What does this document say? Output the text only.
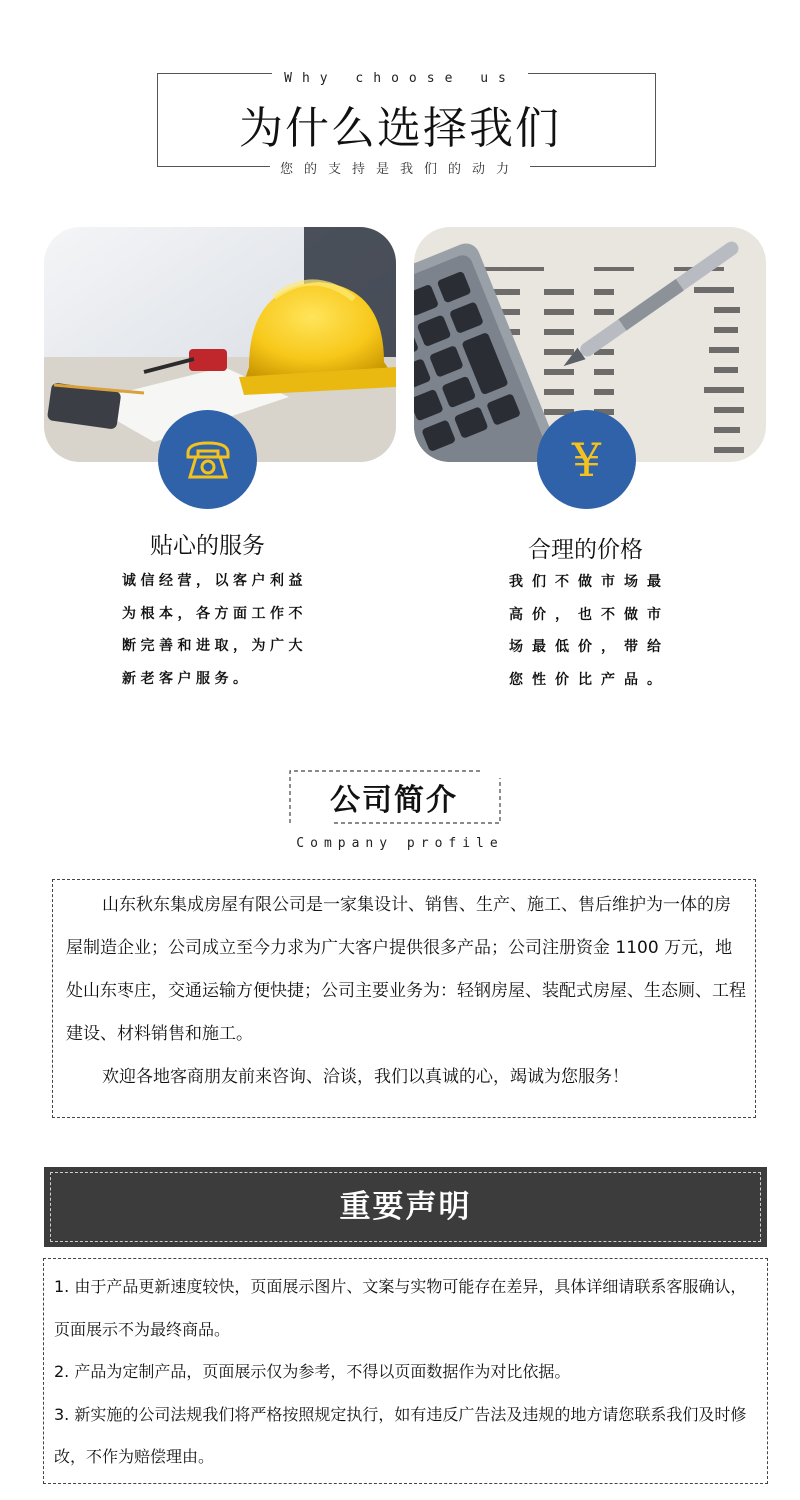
Why choose us
为什么选择我们
您的支持是我们的动力
¥
贴心的服务
诚信经营，以客户利益为根本，各方面工作不断完善和进取，为广大新老客户服务。
合理的价格
我们不做市场最高价，也不做市场最低价，带给您性价比产品。
公司简介
Company profile

山东秋东集成房屋有限公司是一家集设计、销售、生产、施工、售后维护为一体的房屋制造企业；公司成立至今力求为广大客户提供很多产品；公司注册资金 1100 万元，地处山东枣庄，交通运输方便快捷；公司主要业务为：轻钢房屋、装配式房屋、生态厕、工程建设、材料销售和施工。

欢迎各地客商朋友前来咨询、洽谈，我们以真诚的心，竭诚为您服务！

重要声明

1. 由于产品更新速度较快，页面展示图片、文案与实物可能存在差异，具体详细请联系客服确认，页面展示不为最终商品。

2. 产品为定制产品，页面展示仅为参考，不得以页面数据作为对比依据。

3. 新实施的公司法规我们将严格按照规定执行，如有违反广告法及违规的地方请您联系我们及时修改，不作为赔偿理由。
